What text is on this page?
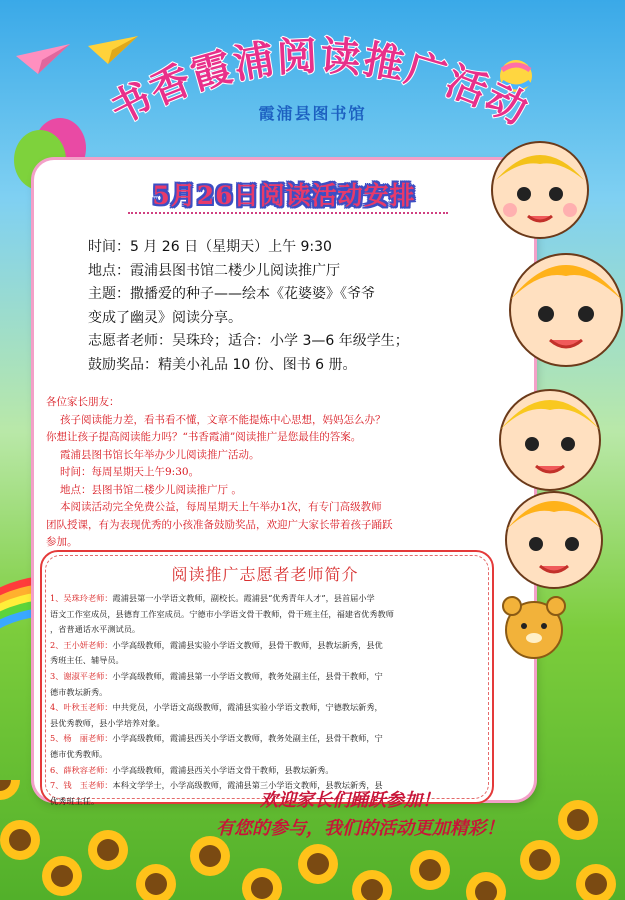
书香霞浦阅读推广活动
霞浦县图书馆
5月26日阅读活动安排
时间：5 月 26 日（星期天）上午 9:30
地点：霞浦县图书馆二楼少儿阅读推广厅
主题：撒播爱的种子——绘本《花婆婆》《爷爷
变成了幽灵》阅读分享。
志愿者老师：吴珠玲；适合：小学 3—6 年级学生；
鼓励奖品：精美小礼品 10 份、图书 6 册。
各位家长朋友：
孩子阅读能力差，看书看不懂，文章不能提炼中心思想，妈妈怎么办？
你想让孩子提高阅读能力吗？“书香霞浦”阅读推广是您最佳的答案。
霞浦县图书馆长年举办少儿阅读推广活动。
时间：每周星期天上午9:30。
地点：县图书馆二楼少儿阅读推广厅 。
本阅读活动完全免费公益，每周星期天上午举办1次，有专门高级教师
团队授课，有为表现优秀的小孩准备鼓励奖品，欢迎广大家长带着孩子踊跃
参加。
阅读推广志愿者老师简介
1、吴珠玲老师：霞浦县第一小学语文教师，副校长。霞浦县“优秀青年人才”，县首届小学
语文工作室成员，县德育工作室成员。宁德市小学语文骨干教师，骨干班主任，福建省优秀教师
，省普通话水平测试员。
2、王小妍老师：小学高级教师，霞浦县实验小学语文教师，县骨干教师，县教坛新秀，县优
秀班主任、辅导员。
3、谢淑平老师：小学高级教师，霞浦县第一小学语文教师，教务处副主任，县骨干教师，宁
德市教坛新秀。
4、叶秋玉老师：中共党员，小学语文高级教师，霞浦县实验小学语文教师，宁德教坛新秀，
县优秀教师，县小学培养对象。
5、杨　丽老师：小学高级教师，霞浦县西关小学语文教师，教务处副主任，县骨干教师，宁
德市优秀教师。
6、薛秋容老师：小学高级教师，霞浦县西关小学语文骨干教师，县教坛新秀。
7、钱　玉老师：本科文学学士，小学高级教师，霞浦县第三小学语文教师，县教坛新秀，县
优秀班主任。	欢迎家长们踊跃参加！
有您的参与，我们的活动更加精彩！
